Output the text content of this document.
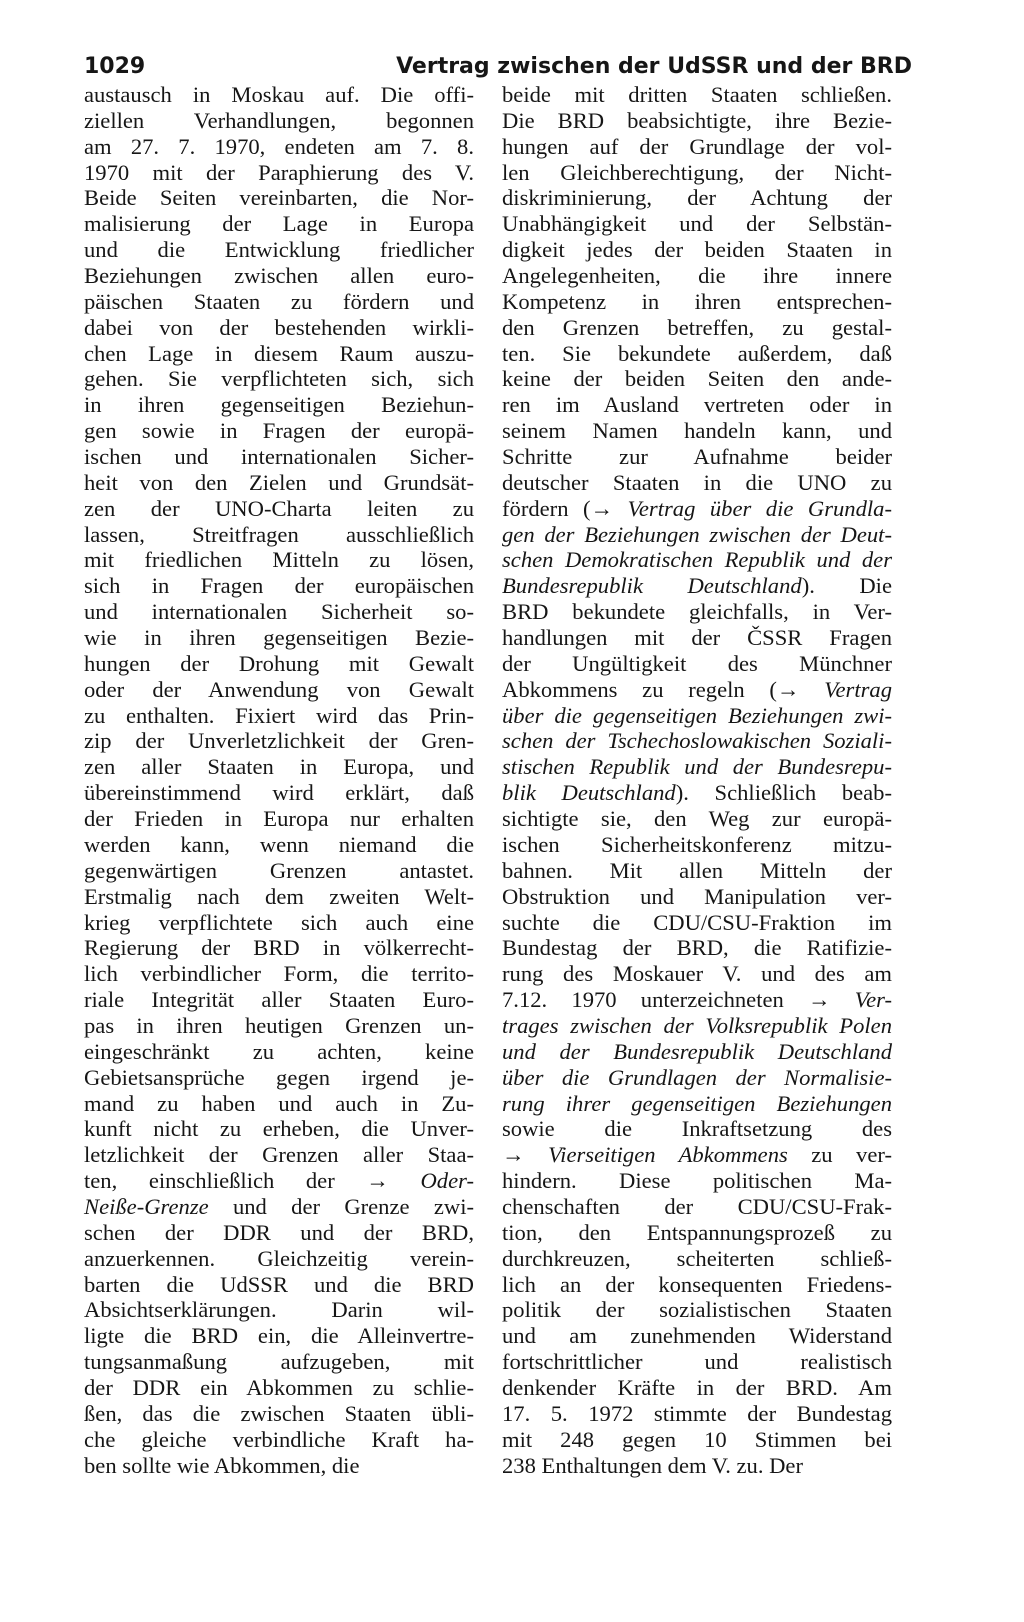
1029	Vertrag zwischen der UdSSR und der BRD
austausch in Moskau auf. Die offi-
ziellen Verhandlungen, begonnen
am 27. 7. 1970, endeten am 7. 8.
1970 mit der Paraphierung des V.
Beide Seiten vereinbarten, die Nor-
malisierung der Lage in Europa
und die Entwicklung friedlicher
Beziehungen zwischen allen euro-
päischen Staaten zu fördern und
dabei von der bestehenden wirkli-
chen Lage in diesem Raum auszu-
gehen. Sie verpflichteten sich, sich
in ihren gegenseitigen Beziehun-
gen sowie in Fragen der europä-
ischen und internationalen Sicher-
heit von den Zielen und Grundsät-
zen der UNO-Charta leiten zu
lassen, Streitfragen ausschließlich
mit friedlichen Mitteln zu lösen,
sich in Fragen der europäischen
und internationalen Sicherheit so-
wie in ihren gegenseitigen Bezie-
hungen der Drohung mit Gewalt
oder der Anwendung von Gewalt
zu enthalten. Fixiert wird das Prin-
zip der Unverletzlichkeit der Gren-
zen aller Staaten in Europa, und
übereinstimmend wird erklärt, daß
der Frieden in Europa nur erhalten
werden kann, wenn niemand die
gegenwärtigen Grenzen antastet.
Erstmalig nach dem zweiten Welt-
krieg verpflichtete sich auch eine
Regierung der BRD in völkerrecht-
lich verbindlicher Form, die territo-
riale Integrität aller Staaten Euro-
pas in ihren heutigen Grenzen un-
eingeschränkt zu achten, keine
Gebietsansprüche gegen irgend je-
mand zu haben und auch in Zu-
kunft nicht zu erheben, die Unver-
letzlichkeit der Grenzen aller Staa-
ten, einschließlich der → Oder-
Neiße-Grenze und der Grenze zwi-
schen der DDR und der BRD,
anzuerkennen. Gleichzeitig verein-
barten die UdSSR und die BRD
Absichtserklärungen. Darin wil-
ligte die BRD ein, die Alleinvertre-
tungsanmaßung aufzugeben, mit
der DDR ein Abkommen zu schlie-
ßen, das die zwischen Staaten übli-
che gleiche verbindliche Kraft ha-
ben sollte wie Abkommen, die
beide mit dritten Staaten schließen.
Die BRD beabsichtigte, ihre Bezie-
hungen auf der Grundlage der vol-
len Gleichberechtigung, der Nicht-
diskriminierung, der Achtung der
Unabhängigkeit und der Selbstän-
digkeit jedes der beiden Staaten in
Angelegenheiten, die ihre innere
Kompetenz in ihren entsprechen-
den Grenzen betreffen, zu gestal-
ten. Sie bekundete außerdem, daß
keine der beiden Seiten den ande-
ren im Ausland vertreten oder in
seinem Namen handeln kann, und
Schritte zur Aufnahme beider
deutscher Staaten in die UNO zu
fördern (→ Vertrag über die Grundla-
gen der Beziehungen zwischen der Deut-
schen Demokratischen Republik und der
Bundesrepublik Deutschland). Die
BRD bekundete gleichfalls, in Ver-
handlungen mit der ČSSR Fragen
der Ungültigkeit des Münchner
Abkommens zu regeln (→ Vertrag
über die gegenseitigen Beziehungen zwi-
schen der Tschechoslowakischen Soziali-
stischen Republik und der Bundesrepu-
blik Deutschland). Schließlich beab-
sichtigte sie, den Weg zur europä-
ischen Sicherheitskonferenz mitzu-
bahnen. Mit allen Mitteln der
Obstruktion und Manipulation ver-
suchte die CDU/CSU-Fraktion im
Bundestag der BRD, die Ratifizie-
rung des Moskauer V. und des am
7.12. 1970 unterzeichneten → Ver-
trages zwischen der Volksrepublik Polen
und der Bundesrepublik Deutschland
über die Grundlagen der Normalisie-
rung ihrer gegenseitigen Beziehungen
sowie die Inkraftsetzung des
→ Vierseitigen Abkommens zu ver-
hindern. Diese politischen Ma-
chenschaften der CDU/CSU-Frak-
tion, den Entspannungsprozeß zu
durchkreuzen, scheiterten schließ-
lich an der konsequenten Friedens-
politik der sozialistischen Staaten
und am zunehmenden Widerstand
fortschrittlicher und realistisch
denkender Kräfte in der BRD. Am
17. 5. 1972 stimmte der Bundestag
mit 248 gegen 10 Stimmen bei
238 Enthaltungen dem V. zu. Der
